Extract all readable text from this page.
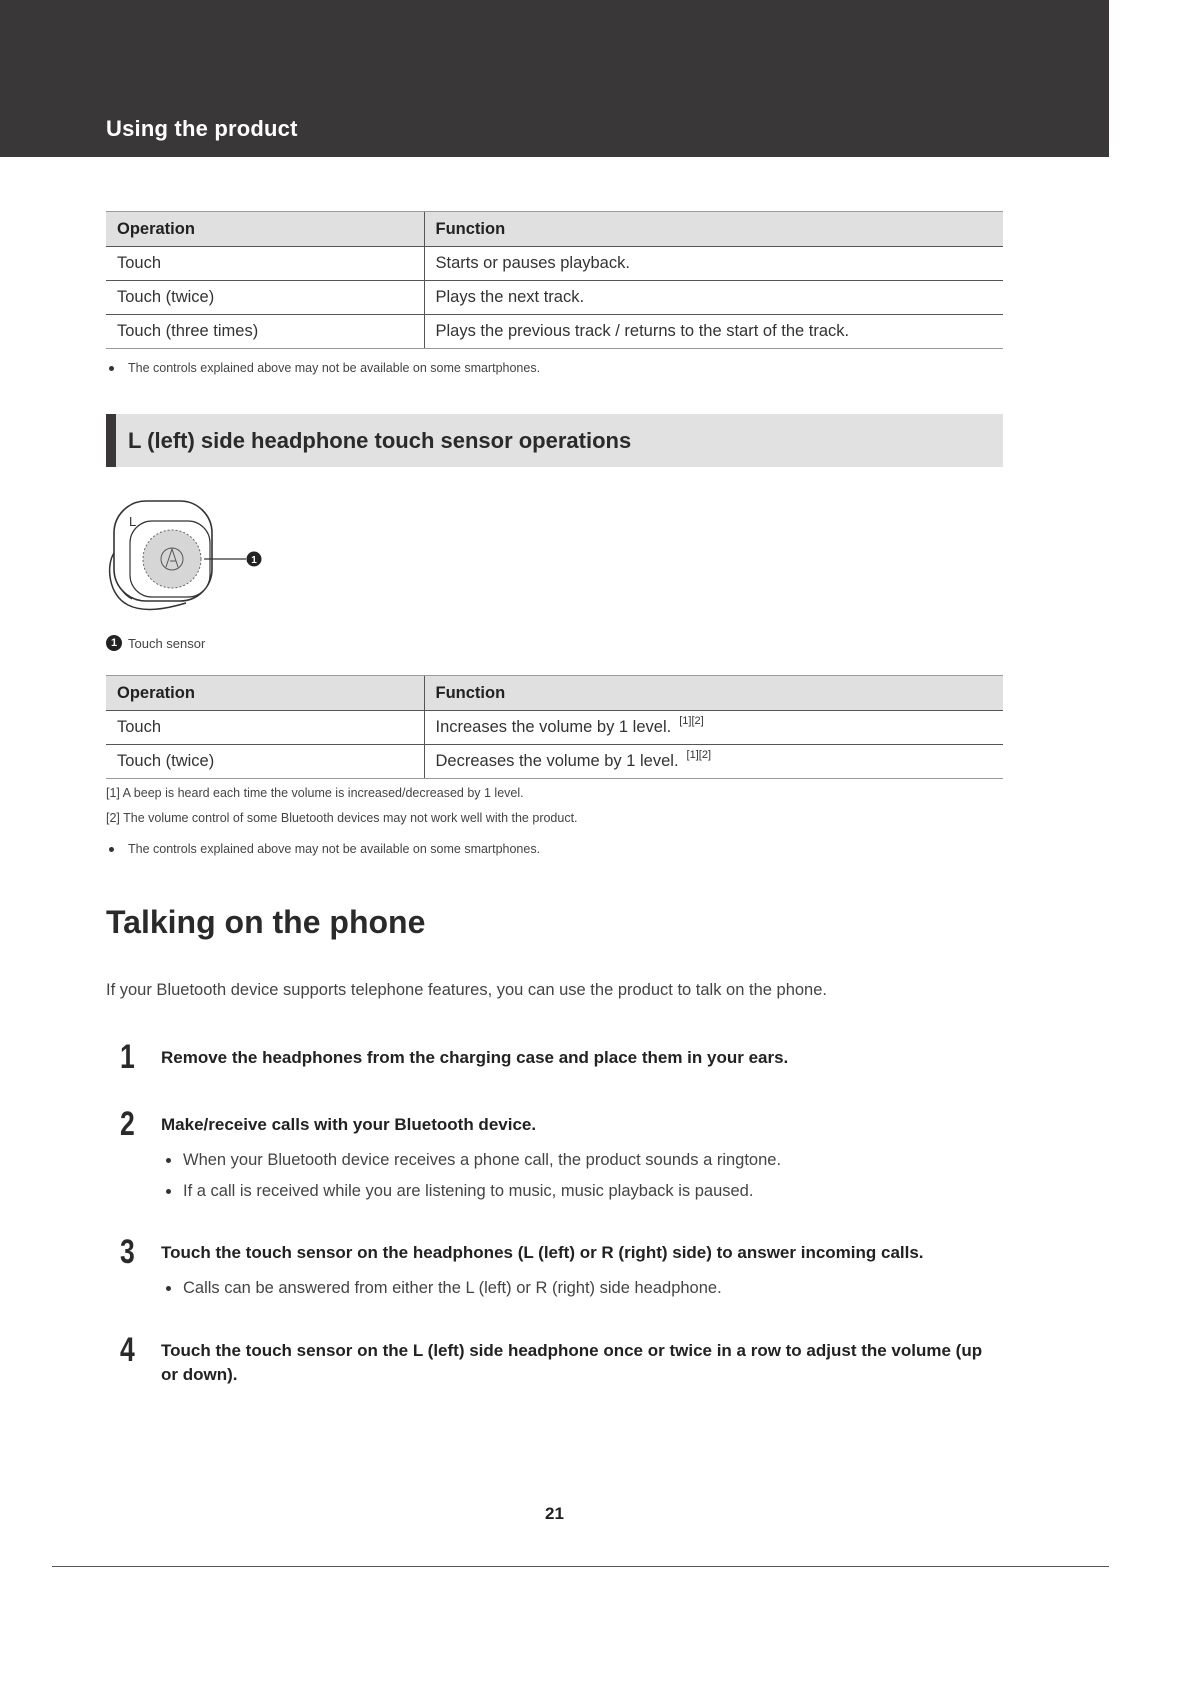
Using the product
Operation	Function
Touch	Starts or pauses playback.
Touch (twice)	Plays the next track.
Touch (three times)	Plays the previous track / returns to the start of the track.
The controls explained above may not be available on some smartphones.
L (left) side headphone touch sensor operations
1
L
1 Touch sensor
Operation	Function
Touch	Increases the volume by 1 level. [1][2]
Touch (twice)	Decreases the volume by 1 level. [1][2]
[1] A beep is heard each time the volume is increased/decreased by 1 level.
[2] The volume control of some Bluetooth devices may not work well with the product.
The controls explained above may not be available on some smartphones.
Talking on the phone
If your Bluetooth device supports telephone features, you can use the product to talk on the phone.
1 Remove the headphones from the charging case and place them in your ears.
2 Make/receive calls with your Bluetooth device.
When your Bluetooth device receives a phone call, the product sounds a ringtone.
If a call is received while you are listening to music, music playback is paused.
3 Touch the touch sensor on the headphones (L (left) or R (right) side) to answer incoming calls.
Calls can be answered from either the L (left) or R (right) side headphone.
4 Touch the touch sensor on the L (left) side headphone once or twice in a row to adjust the volume (up or down).
21
